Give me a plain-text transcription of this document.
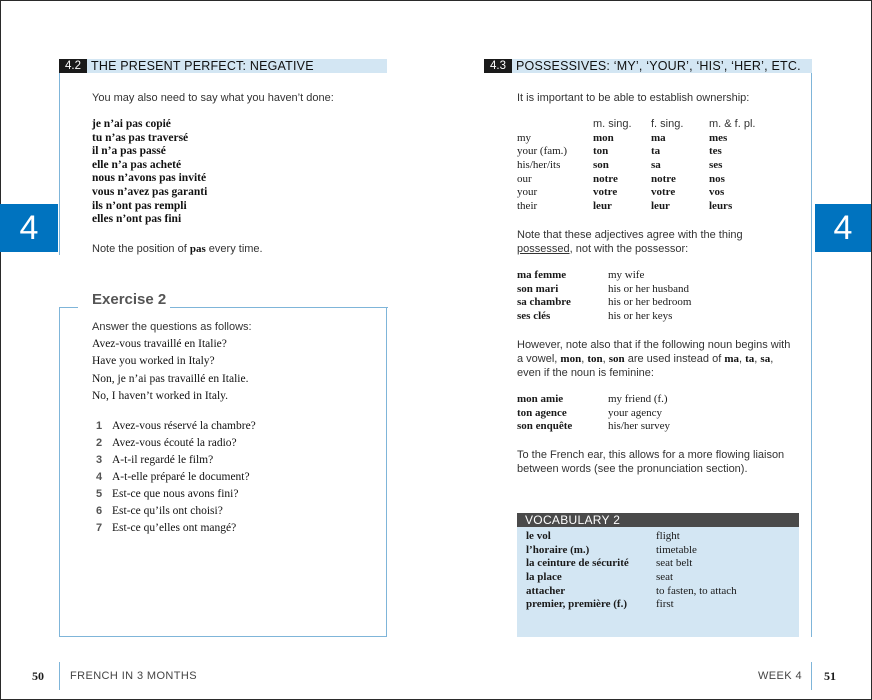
4.2 THE PRESENT PERFECT: NEGATIVE
You may also need to say what you haven’t done:
je n’ai pas copié
tu n’as pas traversé
il n’a pas passé
elle n’a pas acheté
nous n’avons pas invité
vous n’avez pas garanti
ils n’ont pas rempli
elles n’ont pas fini
Note the position of pas every time.
4
Exercise 2
Answer the questions as follows:
Avez-vous travaillé en Italie?
Have you worked in Italy?
Non, je n’ai pas travaillé en Italie.
No, I haven’t worked in Italy.
1 Avez-vous réservé la chambre?
2 Avez-vous écouté la radio?
3 A-t-il regardé le film?
4 A-t-elle préparé le document?
5 Est-ce que nous avons fini?
6 Est-ce qu’ils ont choisi?
7 Est-ce qu’elles ont mangé?
50 FRENCH IN 3 MONTHS
4.3 POSSESSIVES: ‘MY’, ‘YOUR’, ‘HIS’, ‘HER’, ETC.
It is important to be able to establish ownership:
	m. sing.	f. sing.	m. & f. pl.
my	mon	ma	mes
your (fam.)	ton	ta	tes
his/her/its	son	sa	ses
our	notre	notre	nos
your	votre	votre	vos
their	leur	leur	leurs
Note that these adjectives agree with the thing
possessed, not with the possessor:
ma femme	my wife
son mari	his or her husband
sa chambre	his or her bedroom
ses clés	his or her keys
However, note also that if the following noun begins with
a vowel, mon, ton, son are used instead of ma, ta, sa,
even if the noun is feminine:
mon amie	my friend (f.)
ton agence	your agency
son enquête	his/her survey
To the French ear, this allows for a more flowing liaison
between words (see the pronunciation section).
VOCABULARY 2
le vol	flight
l’horaire (m.)	timetable
la ceinture de sécurité	seat belt
la place	seat
attacher	to fasten, to attach
premier, première (f.)	first
4
WEEK 4 51
